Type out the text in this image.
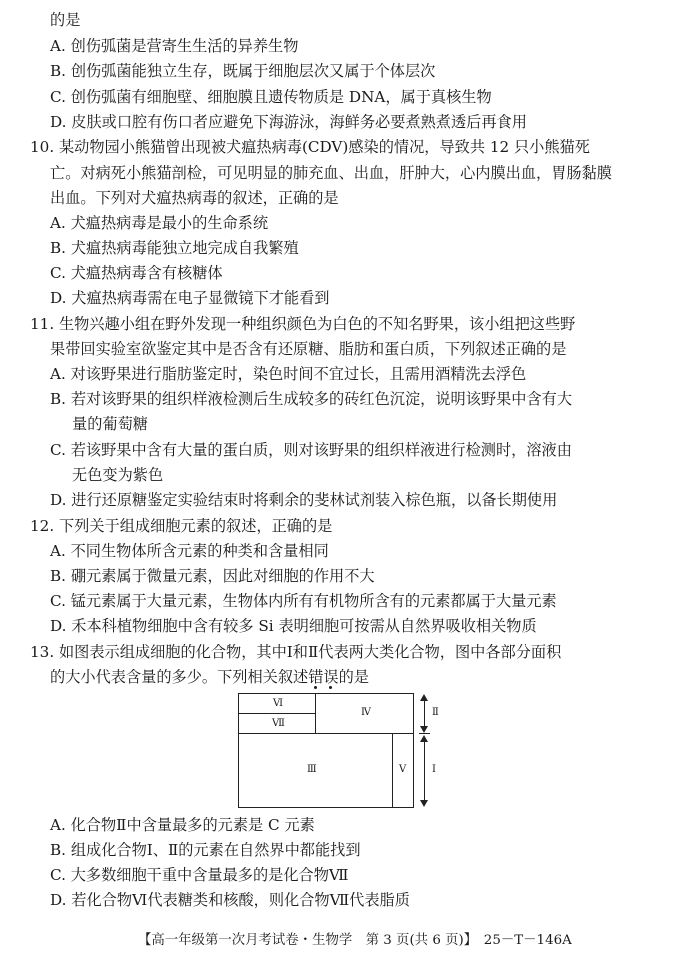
的是
A. 创伤弧菌是营寄生生活的异养生物
B. 创伤弧菌能独立生存，既属于细胞层次又属于个体层次
C. 创伤弧菌有细胞壁、细胞膜且遗传物质是 DNA，属于真核生物
D. 皮肤或口腔有伤口者应避免下海游泳，海鲜务必要煮熟煮透后再食用
10. 某动物园小熊猫曾出现被犬瘟热病毒(CDV)感染的情况，导致共 12 只小熊猫死
亡。对病死小熊猫剖检，可见明显的肺充血、出血，肝肿大，心内膜出血，胃肠黏膜
出血。下列对犬瘟热病毒的叙述，正确的是
A. 犬瘟热病毒是最小的生命系统
B. 犬瘟热病毒能独立地完成自我繁殖
C. 犬瘟热病毒含有核糖体
D. 犬瘟热病毒需在电子显微镜下才能看到
11. 生物兴趣小组在野外发现一种组织颜色为白色的不知名野果，该小组把这些野
果带回实验室欲鉴定其中是否含有还原糖、脂肪和蛋白质，下列叙述正确的是
A. 对该野果进行脂肪鉴定时，染色时间不宜过长，且需用酒精洗去浮色
B. 若对该野果的组织样液检测后生成较多的砖红色沉淀，说明该野果中含有大
量的葡萄糖
C. 若该野果中含有大量的蛋白质，则对该野果的组织样液进行检测时，溶液由
无色变为紫色
D. 进行还原糖鉴定实验结束时将剩余的斐林试剂装入棕色瓶，以备长期使用
12. 下列关于组成细胞元素的叙述，正确的是
A. 不同生物体所含元素的种类和含量相同
B. 硼元素属于微量元素，因此对细胞的作用不大
C. 锰元素属于大量元素，生物体内所有有机物所含有的元素都属于大量元素
D. 禾本科植物细胞中含有较多 Si 表明细胞可按需从自然界吸收相关物质
13. 如图表示组成细胞的化合物，其中Ⅰ和Ⅱ代表两大类化合物，图中各部分面积
的大小代表含量的多少。下列相关叙述错误的是
Ⅵ
Ⅶ
Ⅳ
Ⅲ	Ⅴ
Ⅱ
Ⅰ
A. 化合物Ⅱ中含量最多的元素是 C 元素
B. 组成化合物Ⅰ、Ⅱ的元素在自然界中都能找到
C. 大多数细胞干重中含量最多的是化合物Ⅶ
D. 若化合物Ⅵ代表糖类和核酸，则化合物Ⅶ代表脂质
【高一年级第一次月考试卷・生物学　第 3 页(共 6 页)】　25－T－146A
